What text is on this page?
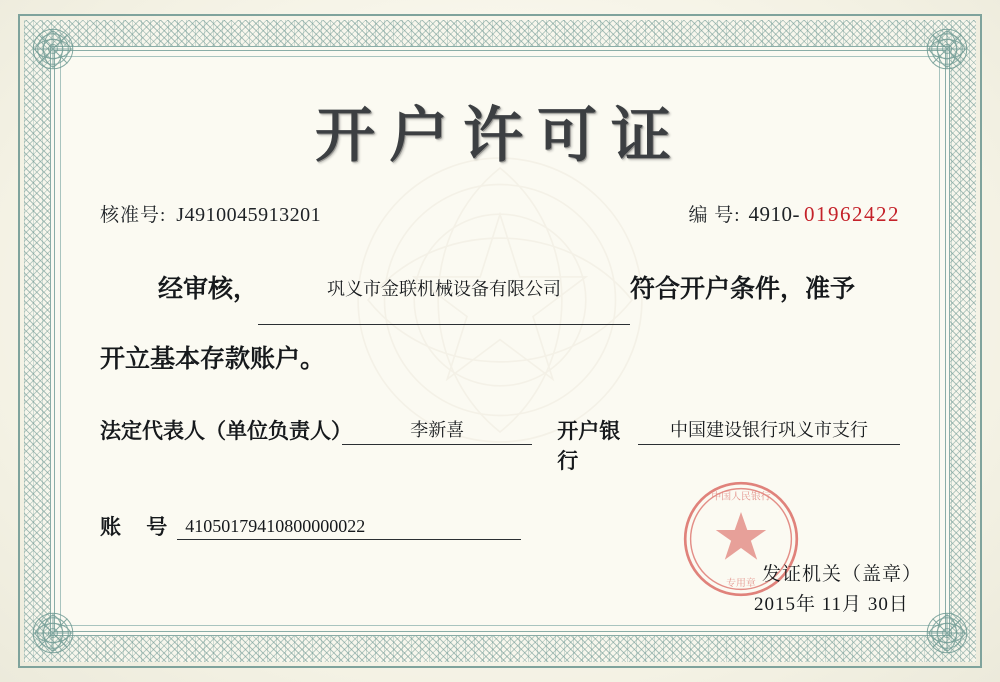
开户许可证
核准号: J4910045913201	编 号: 4910- 01962422
经审核，	巩义市金联机械设备有限公司	符合开户条件，准予
开立基本存款账户。
法定代表人（单位负责人）	李新喜	开户银行
中国建设银行巩义市支行
账 号 41050179410800000022
中国人民银行
专用章 发证机关（盖章）
2015年 11月 30日
